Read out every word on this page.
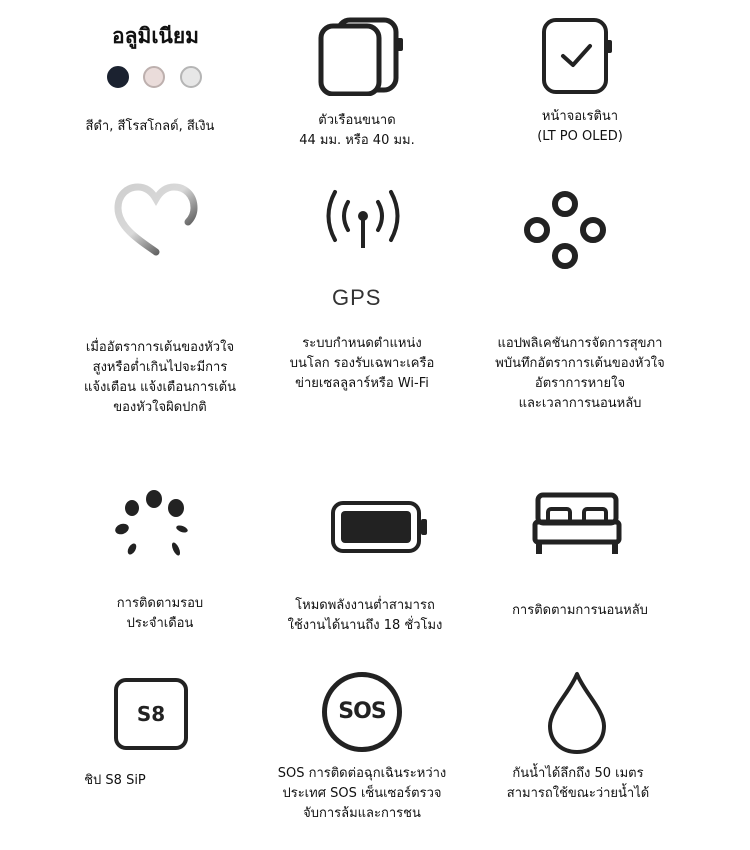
อลูมิเนียม
สีดำ, สีโรสโกลด์, สีเงิน	ตัวเรือนขนาด
44 มม. หรือ 40 มม.
หน้าจอเรตินา
(LT PO OLED)
เมื่ออัตราการเต้นของหัวใจ
สูงหรือต่ำเกินไปจะมีการ
แจ้งเตือน แจ้งเตือนการเต้น
ของหัวใจผิดปกติ
GPS
ระบบกำหนดตำแหน่ง
บนโลก รองรับเฉพาะเครือ
ข่ายเซลลูลาร์หรือ Wi-Fi
แอปพลิเคชันการจัดการสุขภา
พบันทึกอัตราการเต้นของหัวใจ
อัตราการหายใจ
และเวลาการนอนหลับ
การติดตามรอบ
ประจำเดือน
โหมดพลังงานต่ำสามารถ
ใช้งานได้นานถึง 18 ชั่วโมง
การติดตามการนอนหลับ
S8
ชิป S8 SiP
SOS
SOS การติดต่อฉุกเฉินระหว่าง
ประเทศ SOS เซ็นเซอร์ตรวจ
จับการล้มและการชน
กันน้ำได้ลึกถึง 50 เมตร
สามารถใช้ขณะว่ายน้ำได้
